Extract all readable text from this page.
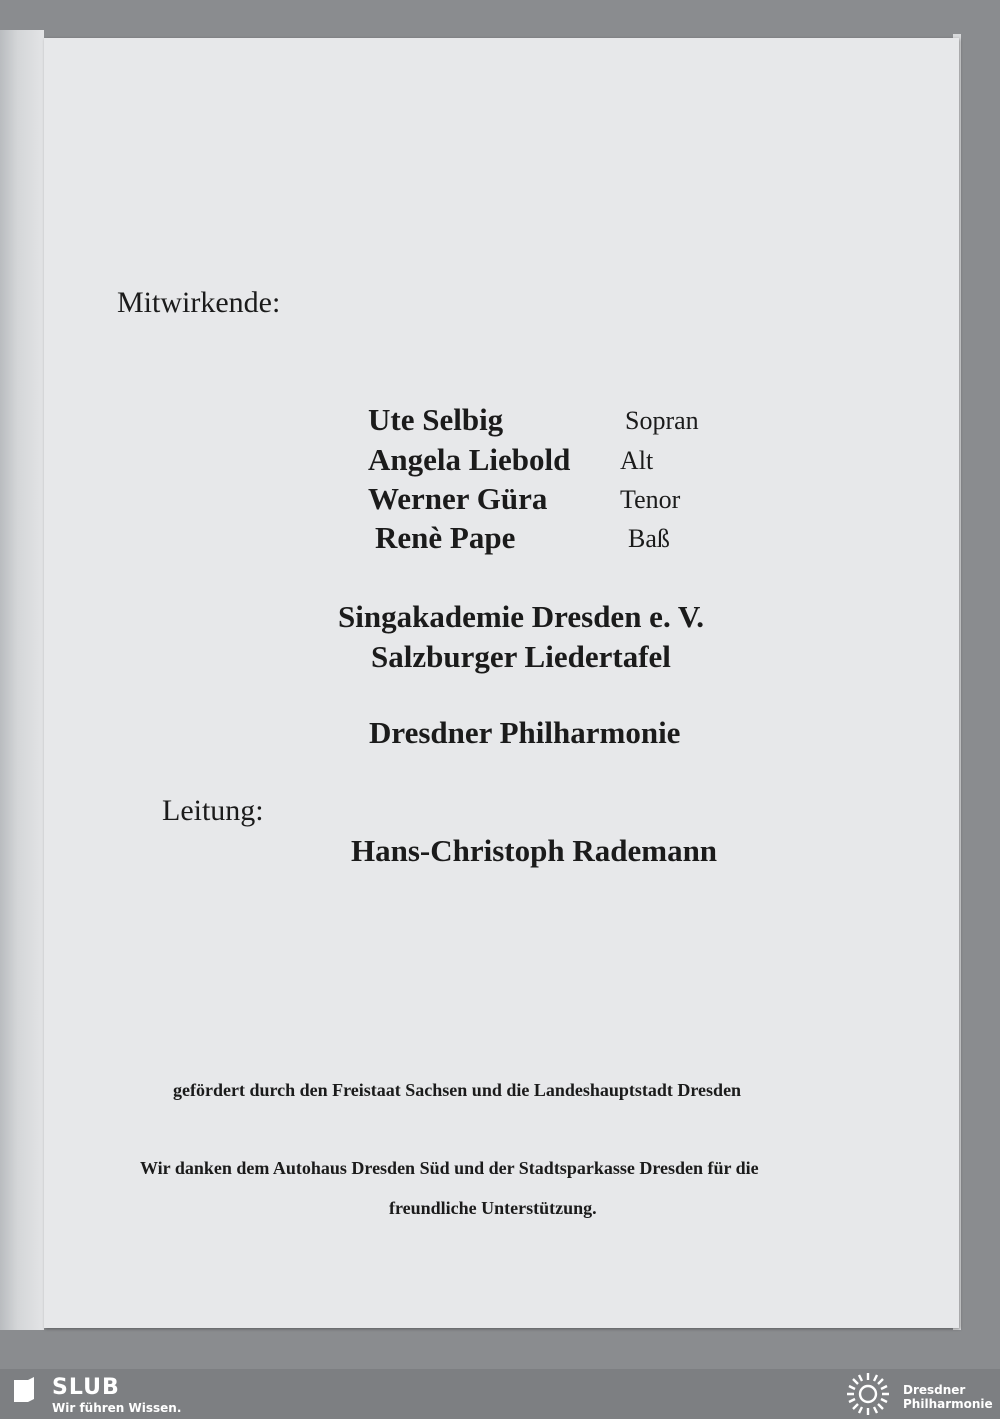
Mitwirkende:

Ute Selbig	Sopran

Angela Liebold Alt

Werner Güra	Tenor

Renè Pape	Baß

Singakademie Dresden e. V.

Salzburger Liedertafel

Dresdner Philharmonie

Leitung:

Hans-Christoph Rademann

gefördert durch den Freistaat Sachsen und die Landeshauptstadt Dresden

Wir danken dem Autohaus Dresden Süd und der Stadtsparkasse Dresden für die

freundliche Unterstützung.

SLUB
Wir führen Wissen.
Dresdner
Philharmonie
